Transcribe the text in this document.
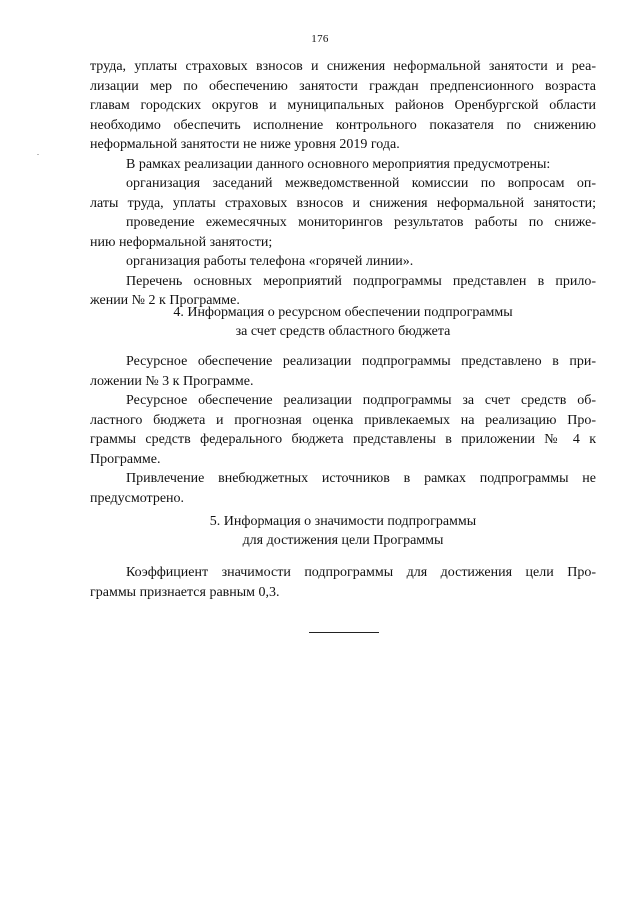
176
труда, уплаты страховых взносов и снижения неформальной занятости и реа-
лизации мер по обеспечению занятости граждан предпенсионного возраста
главам городских округов и муниципальных районов Оренбургской области
необходимо обеспечить исполнение контрольного показателя по снижению
неформальной занятости не ниже уровня 2019 года.
В рамках реализации данного основного мероприятия предусмотрены:
организация заседаний межведомственной комиссии по вопросам оп-
латы труда, уплаты страховых взносов и снижения неформальной занятости;
проведение ежемесячных мониторингов результатов работы по сниже-
нию неформальной занятости;
организация работы телефона «горячей линии».
Перечень основных мероприятий подпрограммы представлен в прило-
жении № 2 к Программе.
4. Информация о ресурсном обеспечении подпрограммы
за счет средств областного бюджета
Ресурсное обеспечение реализации подпрограммы представлено в при-
ложении № 3 к Программе.
Ресурсное обеспечение реализации подпрограммы за счет средств об-
ластного бюджета и прогнозная оценка привлекаемых на реализацию Про-
граммы средств федерального бюджета представлены в приложении № 4 к
Программе.
Привлечение внебюджетных источников в рамках подпрограммы не
предусмотрено.
5. Информация о значимости подпрограммы
для достижения цели Программы
Коэффициент значимости подпрограммы для достижения цели Про-
граммы признается равным 0,3.
